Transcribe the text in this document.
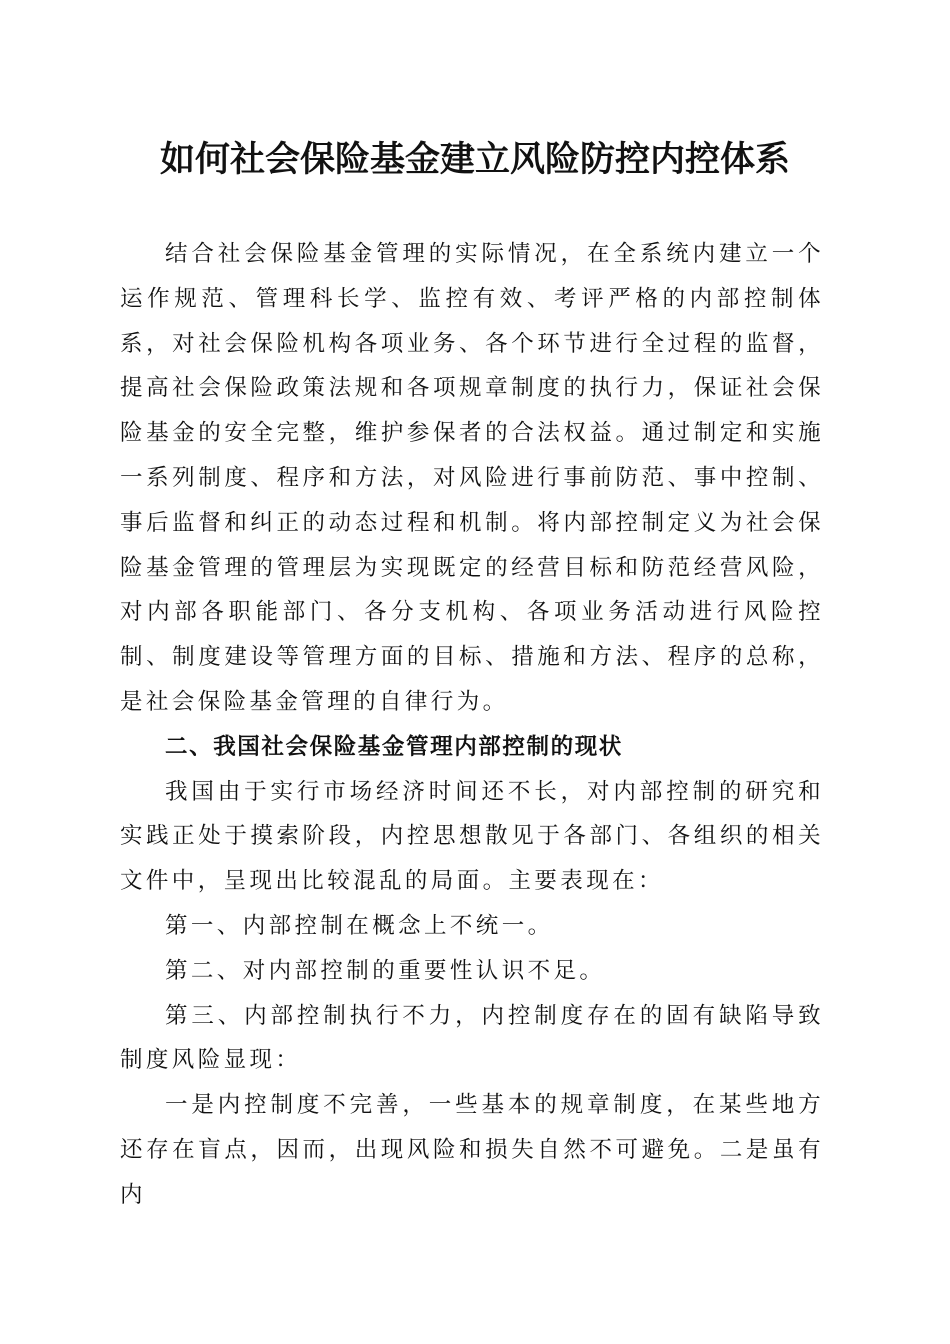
如何社会保险基金建立风险防控内控体系

结合社会保险基金管理的实际情况，在全系统内建立一个运作规范、管理科长学、监控有效、考评严格的内部控制体系，对社会保险机构各项业务、各个环节进行全过程的监督，提高社会保险政策法规和各项规章制度的执行力，保证社会保险基金的安全完整，维护参保者的合法权益。通过制定和实施一系列制度、程序和方法，对风险进行事前防范、事中控制、事后监督和纠正的动态过程和机制。将内部控制定义为社会保险基金管理的管理层为实现既定的经营目标和防范经营风险，对内部各职能部门、各分支机构、各项业务活动进行风险控制、制度建设等管理方面的目标、措施和方法、程序的总称，是社会保险基金管理的自律行为。

二、我国社会保险基金管理内部控制的现状

我国由于实行市场经济时间还不长，对内部控制的研究和实践正处于摸索阶段，内控思想散见于各部门、各组织的相关文件中，呈现出比较混乱的局面。主要表现在：

第一、内部控制在概念上不统一。

第二、对内部控制的重要性认识不足。

第三、内部控制执行不力，内控制度存在的固有缺陷导致制度风险显现：

一是内控制度不完善，一些基本的规章制度，在某些地方还存在盲点，因而，出现风险和损失自然不可避免。二是虽有内
